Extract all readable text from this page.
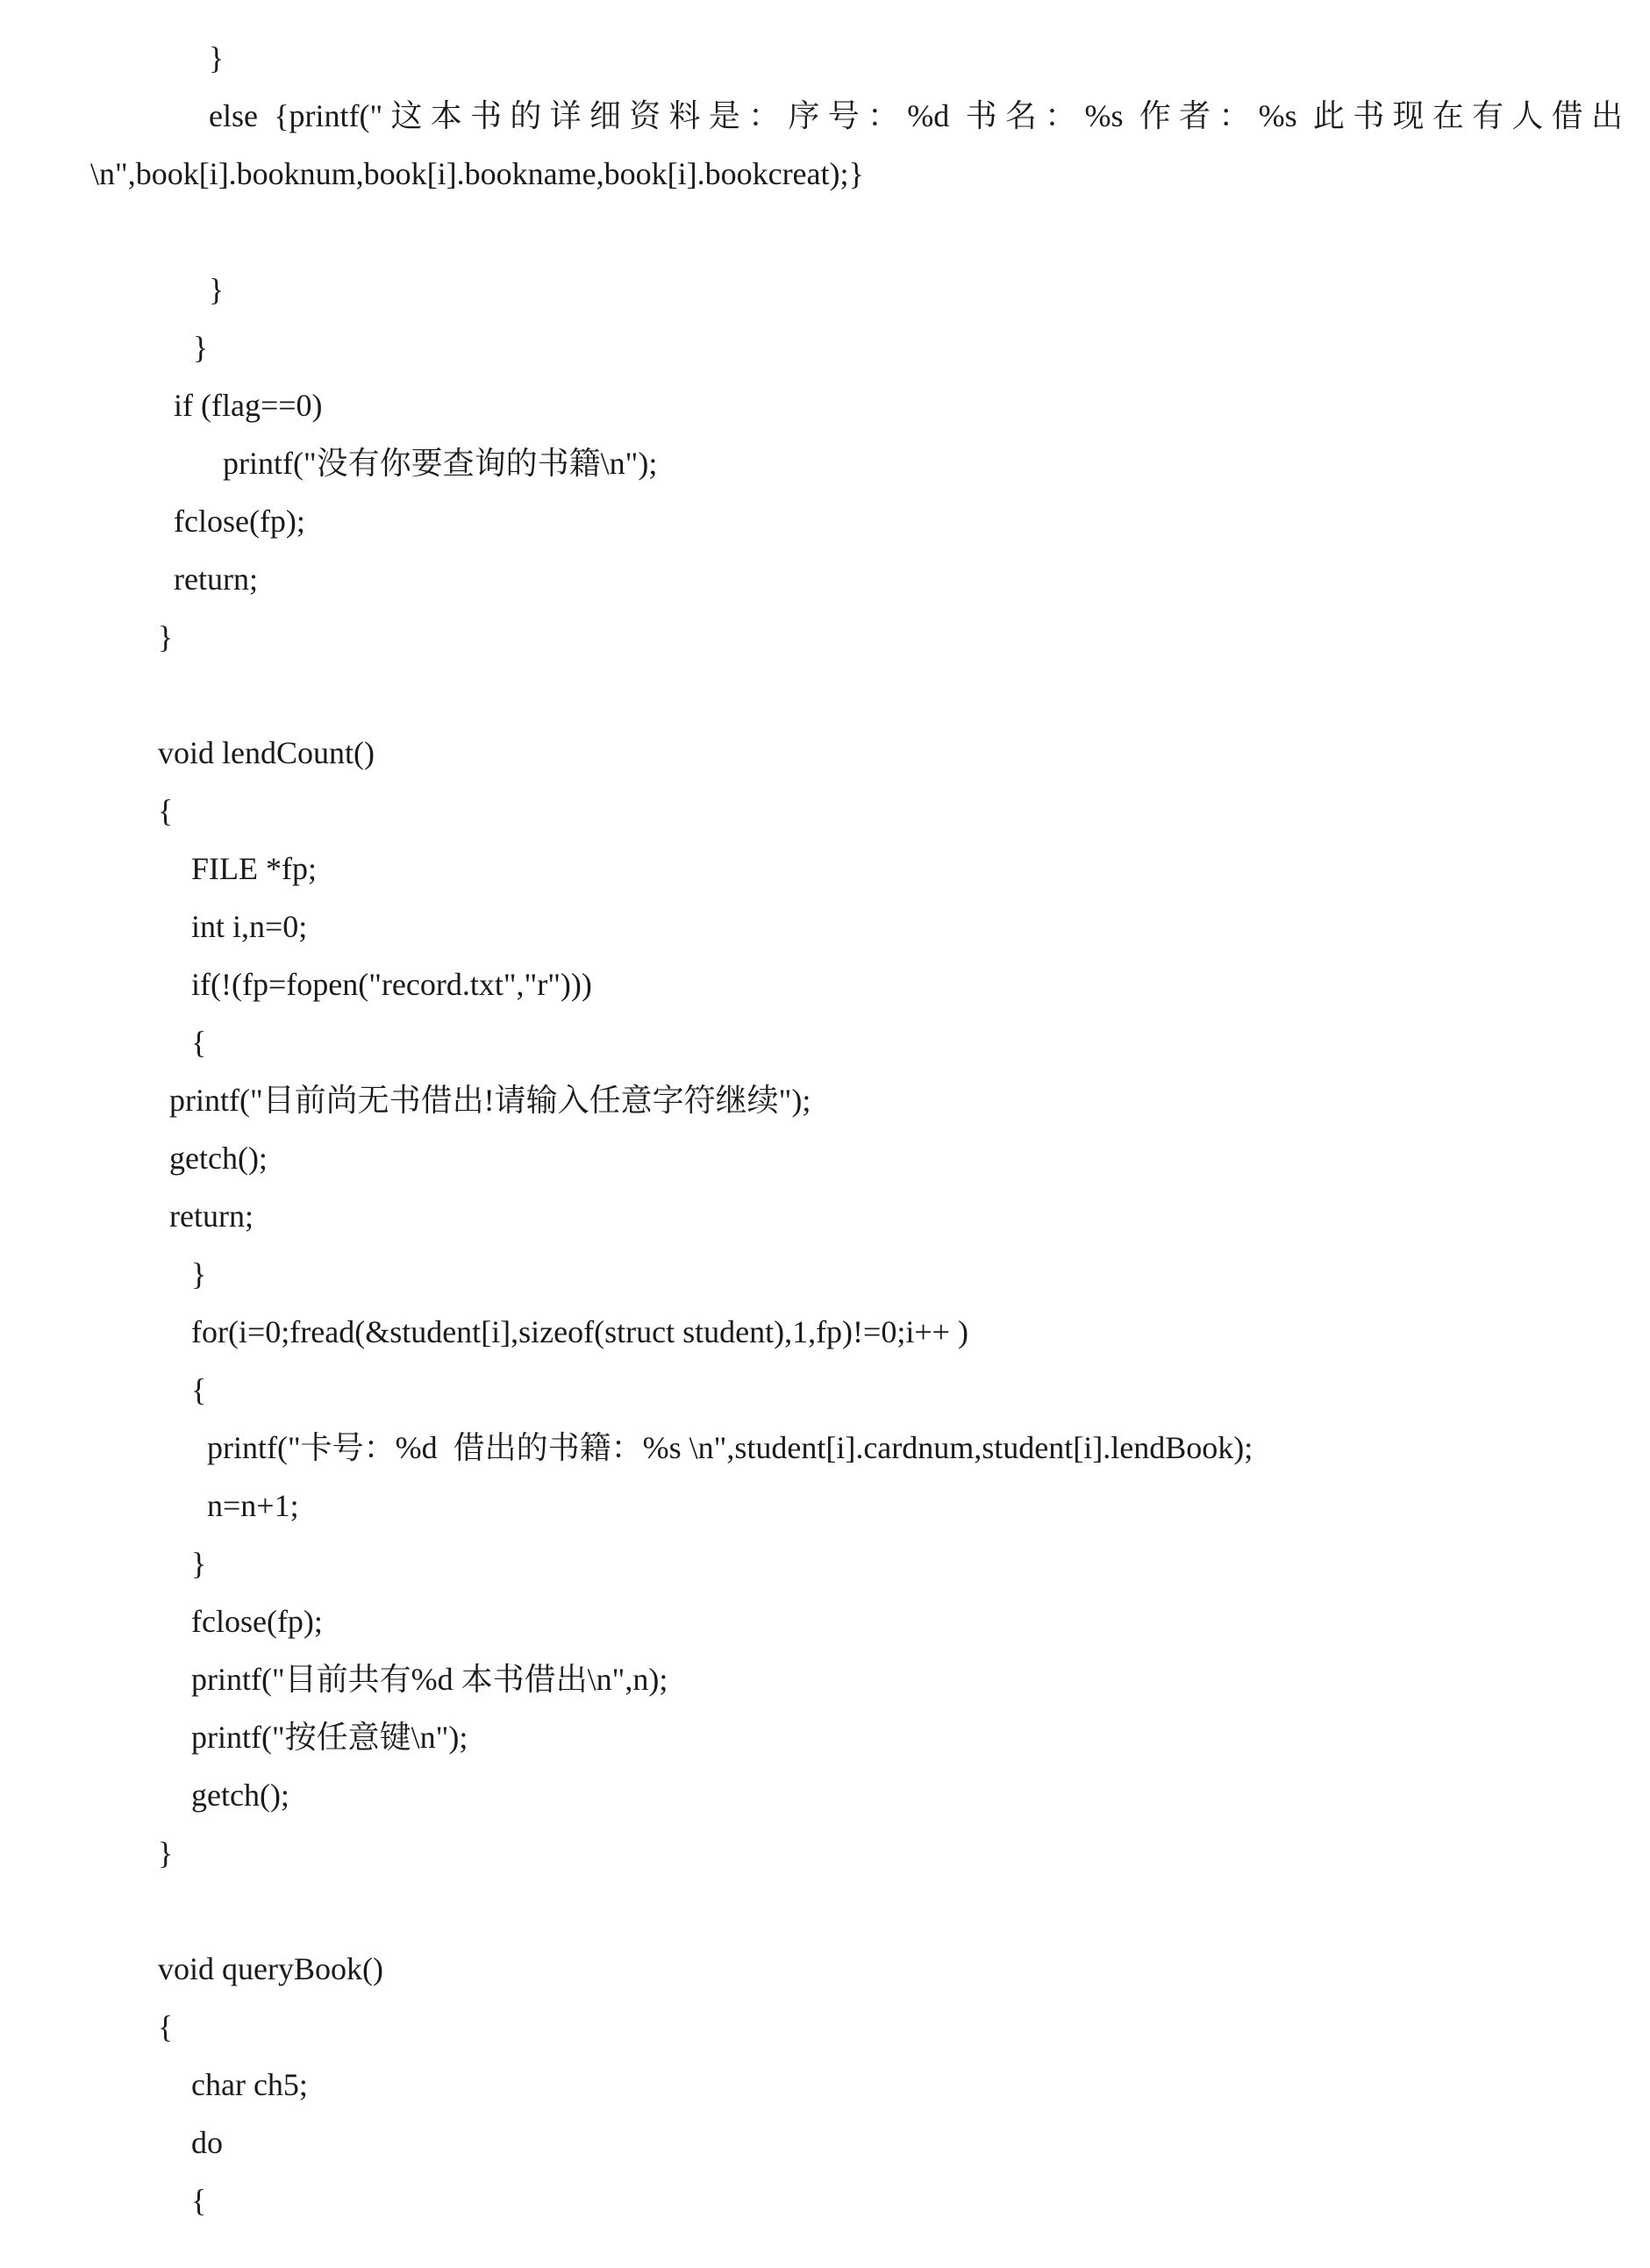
}
else {printf("这本书的详细资料是：序号：%d 书名：%s 作者：%s 此书现在有人借出
\n",book[i].booknum,book[i].bookname,book[i].bookcreat);}
}
}
if (flag==0)
printf("没有你要查询的书籍\n");
fclose(fp);
return;
}
void lendCount()
{
FILE *fp;
int i,n=0;
if(!(fp=fopen("record.txt","r")))
{
printf("目前尚无书借出!请输入任意字符继续");
getch();
return;
}
for(i=0;fread(&student[i],sizeof(struct student),1,fp)!=0;i++ )
{
printf("卡号：%d  借出的书籍：%s \n",student[i].cardnum,student[i].lendBook);
n=n+1;
}
fclose(fp);
printf("目前共有%d 本书借出\n",n);
printf("按任意键\n");
getch();
}
void queryBook()
{
char ch5;
do
{
